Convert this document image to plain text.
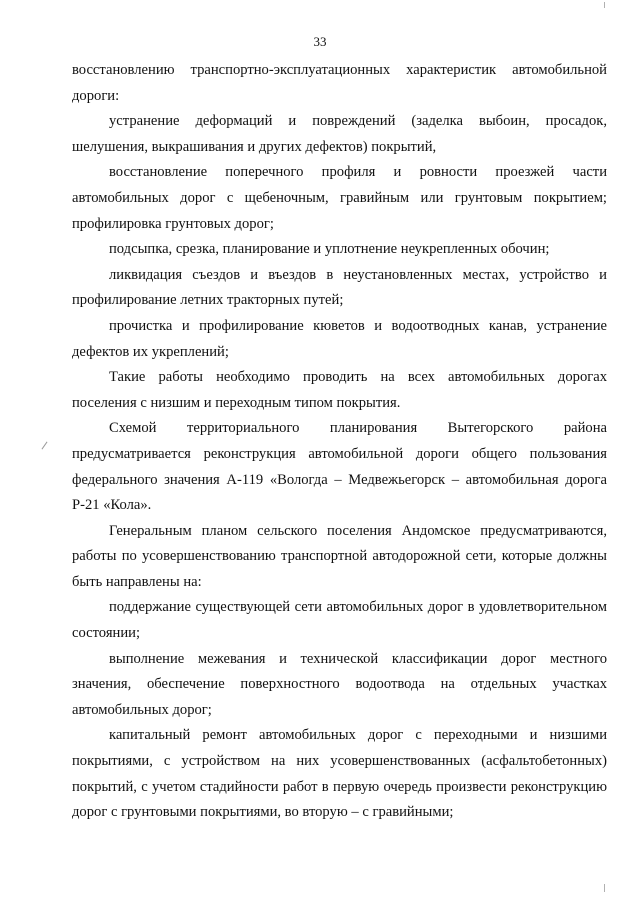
33

восстановлению транспортно-эксплуатационных характеристик автомобильной дороги:

устранение деформаций и повреждений (заделка выбоин, просадок, шелушения, выкрашивания и других дефектов) покрытий,

восстановление поперечного профиля и ровности проезжей части автомобильных дорог с щебеночным, гравийным или грунтовым покрытием; профилировка грунтовых дорог;

подсыпка, срезка, планирование и уплотнение неукрепленных обочин;

ликвидация съездов и въездов в неустановленных местах, устройство и профилирование летних тракторных путей;

прочистка и профилирование кюветов и водоотводных канав, устранение дефектов их укреплений;

Такие работы необходимо проводить на всех автомобильных дорогах поселения с низшим и переходным типом покрытия.

Схемой территориального планирования Вытегорского района предусматривается реконструкция автомобильной дороги общего пользования федерального значения А-119 «Вологда – Медвежьегорск – автомобильная дорога Р-21 «Кола».

Генеральным планом сельского поселения Андомское предусматриваются, работы по усовершенствованию транспортной автодорожной сети, которые должны быть направлены на:

поддержание существующей сети автомобильных дорог в удовлетворительном состоянии;

выполнение межевания и технической классификации дорог местного значения, обеспечение поверхностного водоотвода на отдельных участках автомобильных дорог;

капитальный ремонт автомобильных дорог с переходными и низшими покрытиями, с устройством на них усовершенствованных (асфальтобетонных) покрытий, с учетом стадийности работ в первую очередь произвести реконструкцию дорог с грунтовыми покрытиями, во вторую – с гравийными;
